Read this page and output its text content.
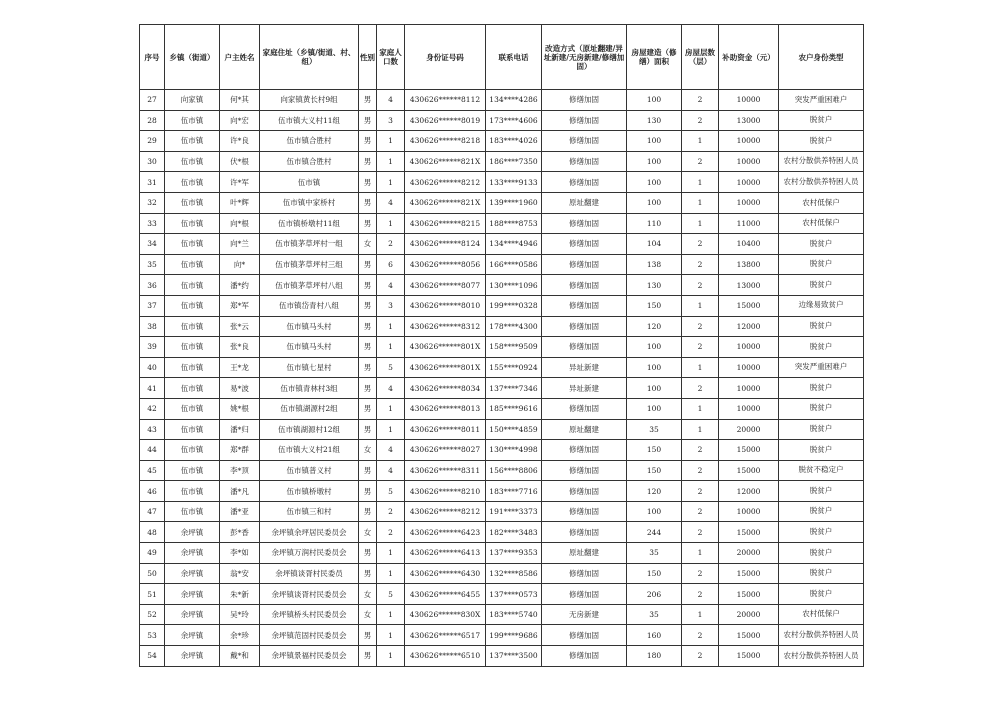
序号	乡镇（街道）	户主姓名	家庭住址（乡镇/街道、村、组）	性别	家庭人口数	身份证号码	联系电话	改造方式（原址翻建/异址新建/无房新建/修缮加固）	房屋建造（修缮）面积	房屋层数（层）	补助资金（元）	农户身份类型
27	向家镇	何*其	向家镇黄长村9组	男	4	430626******8112	134****4286	修缮加固	100	2	10000	突发严重困难户
28	伍市镇	向*宏	伍市镇大义村11组	男	3	430626******8019	173****4606	修缮加固	130	2	13000	脱贫户
29	伍市镇	许*良	伍市镇合胜村	男	1	430626******8218	183****4026	修缮加固	100	1	10000	脱贫户
30	伍市镇	伏*根	伍市镇合胜村	男	1	430626******821X	186****7350	修缮加固	100	2	10000	农村分散供养特困人员
31	伍市镇	许*军	伍市镇	男	1	430626******8212	133****9133	修缮加固	100	1	10000	农村分散供养特困人员
32	伍市镇	叶*辉	伍市镇中家桥村	男	4	430626******821X	139****1960	原址翻建	100	1	10000	农村低保户
33	伍市镇	向*根	伍市镇桥墩村11组	男	1	430626******8215	188****8753	修缮加固	110	1	11000	农村低保户
34	伍市镇	向*兰	伍市镇茅草坪村一组	女	2	430626******8124	134****4946	修缮加固	104	2	10400	脱贫户
35	伍市镇	向*	伍市镇茅草坪村三组	男	6	430626******8056	166****0586	修缮加固	138	2	13800	脱贫户
36	伍市镇	潘*约	伍市镇茅草坪村八组	男	4	430626******8077	130****1096	修缮加固	130	2	13000	脱贫户
37	伍市镇	郑*军	伍市镇岱青村八组	男	3	430626******8010	199****0328	修缮加固	150	1	15000	边缘易致贫户
38	伍市镇	张*云	伍市镇马头村	男	1	430626******8312	178****4300	修缮加固	120	2	12000	脱贫户
39	伍市镇	张*良	伍市镇马头村	男	1	430626******801X	158****9509	修缮加固	100	2	10000	脱贫户
40	伍市镇	王*龙	伍市镇七星村	男	5	430626******801X	155****0924	异址新建	100	1	10000	突发严重困难户
41	伍市镇	易*波	伍市镇青林村3组	男	4	430626******8034	137****7346	异址新建	100	2	10000	脱贫户
42	伍市镇	姚*根	伍市镇湖源村2组	男	1	430626******8013	185****9616	修缮加固	100	1	10000	脱贫户
43	伍市镇	潘*归	伍市镇湖源村12组	男	1	430626******8011	150****4859	原址翻建	35	1	20000	脱贫户
44	伍市镇	郑*群	伍市镇大义村21组	女	4	430626******8027	130****4998	修缮加固	150	2	15000	脱贫户
45	伍市镇	李*顶	伍市镇普义村	男	4	430626******8311	156****8806	修缮加固	150	2	15000	脱贫不稳定户
46	伍市镇	潘*凡	伍市镇桥墩村	男	5	430626******8210	183****7716	修缮加固	120	2	12000	脱贫户
47	伍市镇	潘*亚	伍市镇三和村	男	2	430626******8212	191****3373	修缮加固	100	2	10000	脱贫户
48	余坪镇	彭*香	余坪镇余坪居民委员会	女	2	430626******6423	182****3483	修缮加固	244	2	15000	脱贫户
49	余坪镇	李*如	余坪镇万润村民委员会	男	1	430626******6413	137****9353	原址翻建	35	1	20000	脱贫户
50	余坪镇	翁*安	余坪镇谈胥村民委员	男	1	430626******6430	132****8586	修缮加固	150	2	15000	脱贫户
51	余坪镇	朱*新	余坪镇谈胥村民委员会	女	5	430626******6455	137****0573	修缮加固	206	2	15000	脱贫户
52	余坪镇	吴*玲	余坪镇桥头村民委员会	女	1	430626******830X	183****5740	无房新建	35	1	20000	农村低保户
53	余坪镇	余*珍	余坪镇范固村民委员会	男	1	430626******6517	199****9686	修缮加固	160	2	15000	农村分散供养特困人员
54	余坪镇	戴*和	余坪镇景福村民委员会	男	1	430626******6510	137****3500	修缮加固	180	2	15000	农村分散供养特困人员
